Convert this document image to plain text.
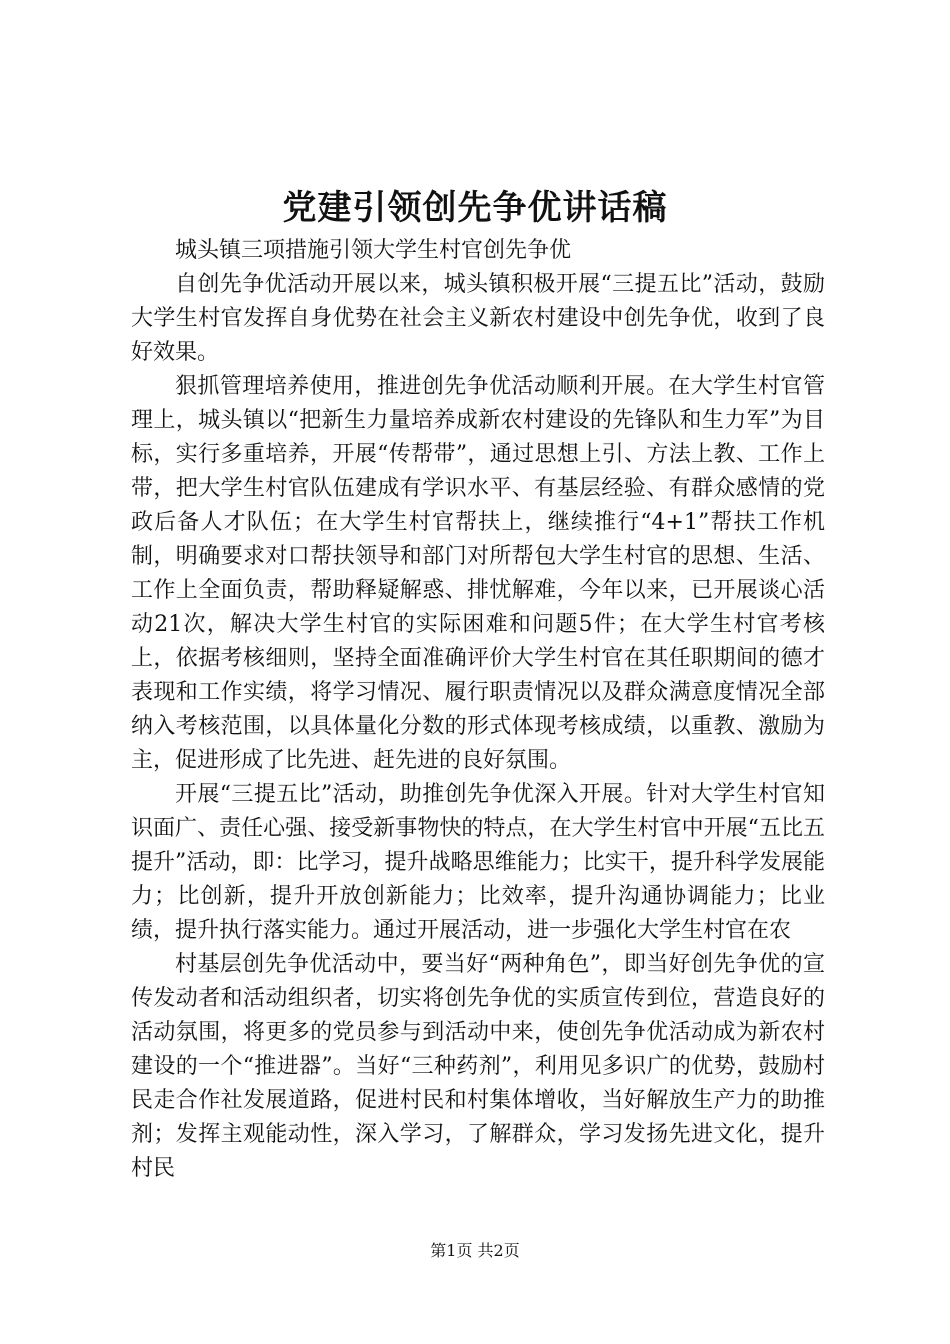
党建引领创先争优讲话稿

城头镇三项措施引领大学生村官创先争优

自创先争优活动开展以来，城头镇积极开展“三提五比”活动，鼓励大学生村官发挥自身优势在社会主义新农村建设中创先争优，收到了良好效果。

狠抓管理培养使用，推进创先争优活动顺利开展。在大学生村官管理上，城头镇以“把新生力量培养成新农村建设的先锋队和生力军”为目标，实行多重培养，开展“传帮带”，通过思想上引、方法上教、工作上带，把大学生村官队伍建成有学识水平、有基层经验、有群众感情的党政后备人才队伍；在大学生村官帮扶上，继续推行“4+1”帮扶工作机制，明确要求对口帮扶领导和部门对所帮包大学生村官的思想、生活、工作上全面负责，帮助释疑解惑、排忧解难，今年以来，已开展谈心活动21次，解决大学生村官的实际困难和问题5件；在大学生村官考核上，依据考核细则，坚持全面准确评价大学生村官在其任职期间的德才表现和工作实绩，将学习情况、履行职责情况以及群众满意度情况全部纳入考核范围，以具体量化分数的形式体现考核成绩，以重教、激励为主，促进形成了比先进、赶先进的良好氛围。

开展“三提五比”活动，助推创先争优深入开展。针对大学生村官知识面广、责任心强、接受新事物快的特点，在大学生村官中开展“五比五提升”活动，即：比学习，提升战略思维能力；比实干，提升科学发展能力；比创新，提升开放创新能力；比效率，提升沟通协调能力；比业绩，提升执行落实能力。通过开展活动，进一步强化大学生村官在农

村基层创先争优活动中，要当好“两种角色”，即当好创先争优的宣传发动者和活动组织者，切实将创先争优的实质宣传到位，营造良好的活动氛围，将更多的党员参与到活动中来，使创先争优活动成为新农村建设的一个“推进器”。当好“三种药剂”，利用见多识广的优势，鼓励村民走合作社发展道路，促进村民和村集体增收，当好解放生产力的助推剂；发挥主观能动性，深入学习，了解群众，学习发扬先进文化，提升村民

第1页 共2页
